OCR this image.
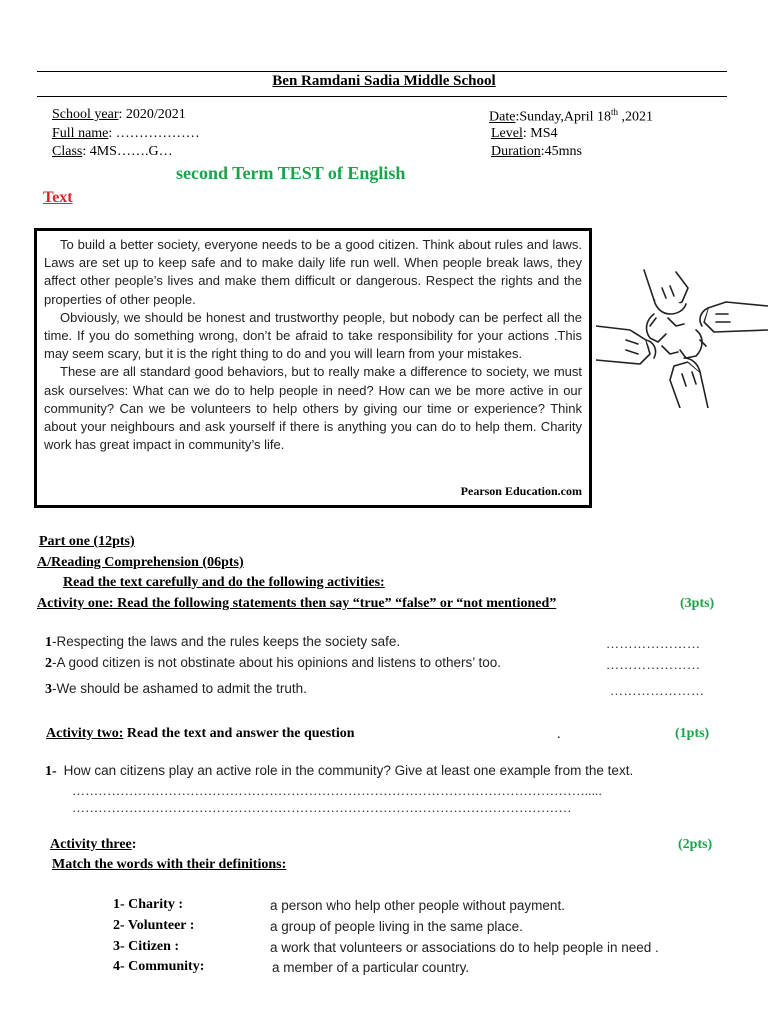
Ben Ramdani Sadia Middle School
School year: 2020/2021
Full name: ………………
Class: 4MS…….G…
Date:Sunday,April 18th ,2021
Level: MS4
Duration:45mns
second Term TEST of English
Text

To build a better society, everyone needs to be a good citizen. Think about rules and laws. Laws are set up to keep safe and to make daily life run well. When people break laws, they affect other people’s lives and make them difficult or dangerous. Respect the rights and the properties of other people.

Obviously, we should be honest and trustworthy people, but nobody can be perfect all the time. If you do something wrong, don’t be afraid to take responsibility for your actions .This may seem scary, but it is the right thing to do and you will learn from your mistakes.

These are all standard good behaviors, but to really make a difference to society, we must ask ourselves: What can we do to help people in need? How can we be more active in our community? Can we be volunteers to help others by giving our time or experience? Think about your neighbours and ask yourself if there is anything you can do to help them. Charity work has great impact in community’s life.

Pearson Education.com
Part one (12pts)
A/Reading Comprehension (06pts)
Read the text carefully and do the following activities:
Activity one: Read the following statements then say “true” “false” or “not mentioned”	(3pts)
1-Respecting the laws and the rules keeps the society safe.	…………………
2-A good citizen is not obstinate about his opinions and listens to others’ too.	…………………
3-We should be ashamed to admit the truth.	…………………
Activity two: Read the text and answer the question	.	(1pts)
1- How can citizens play an active role in the community? Give at least one example from the text.
……………………………………………………………………………………………………….....
……………………………………………………………………………………………………
Activity three:	(2pts)
Match the words with their definitions:
1- Charity :	a person who help other people without payment.
2- Volunteer :	a group of people living in the same place.
3- Citizen :	a work that volunteers or associations do to help people in need .
4- Community:	a member of a particular country.
